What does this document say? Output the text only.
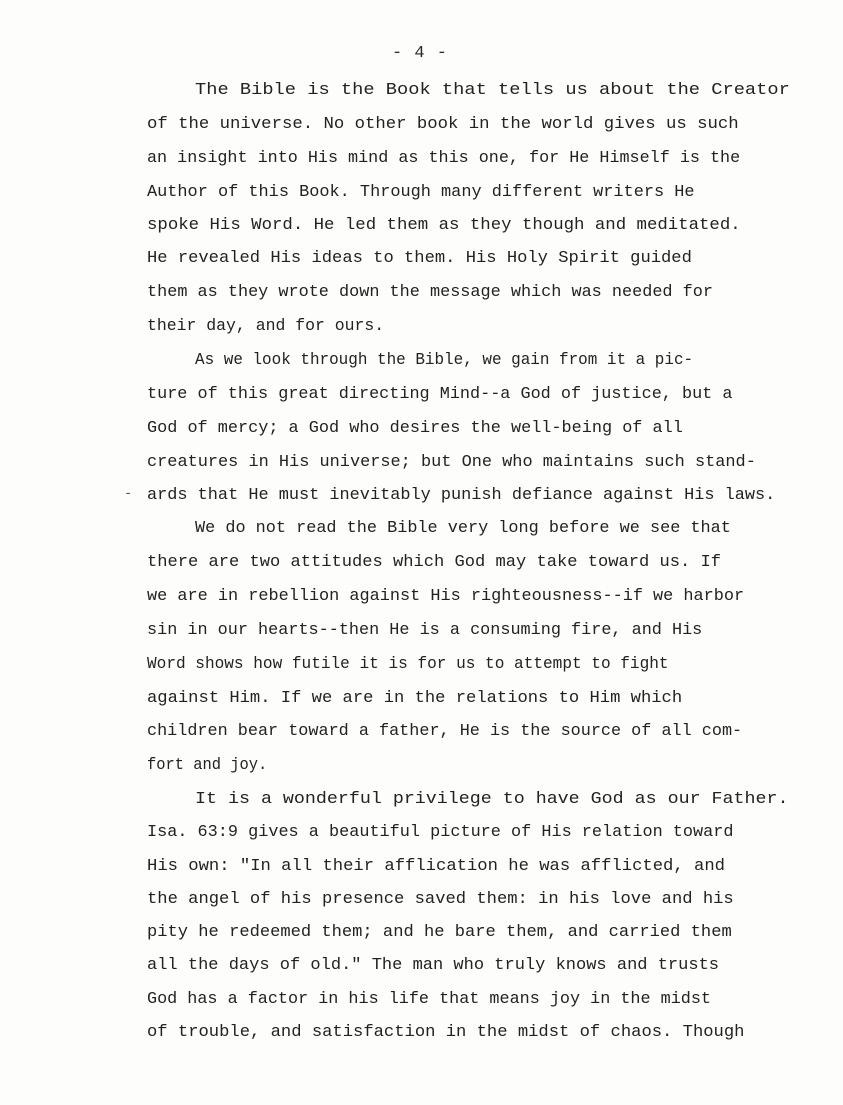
- 4 -
The Bible is the Book that tells us about the Creator
of the universe. No other book in the world gives us such
an insight into His mind as this one, for He Himself is the
Author of this Book. Through many different writers He
spoke His Word. He led them as they though and meditated.
He revealed His ideas to them. His Holy Spirit guided
them as they wrote down the message which was needed for
their day, and for ours.
As we look through the Bible, we gain from it a pic-
ture of this great directing Mind--a God of justice, but a
God of mercy; a God who desires the well-being of all
creatures in His universe; but One who maintains such stand-
ards that He must inevitably punish defiance against His laws.
We do not read the Bible very long before we see that
there are two attitudes which God may take toward us. If
we are in rebellion against His righteousness--if we harbor
sin in our hearts--then He is a consuming fire, and His
Word shows how futile it is for us to attempt to fight
against Him. If we are in the relations to Him which
children bear toward a father, He is the source of all com-
fort and joy.
It is a wonderful privilege to have God as our Father.
Isa. 63:9 gives a beautiful picture of His relation toward
His own: "In all their afflication he was afflicted, and
the angel of his presence saved them: in his love and his
pity he redeemed them; and he bare them, and carried them
all the days of old." The man who truly knows and trusts
God has a factor in his life that means joy in the midst
of trouble, and satisfaction in the midst of chaos. Though
-
